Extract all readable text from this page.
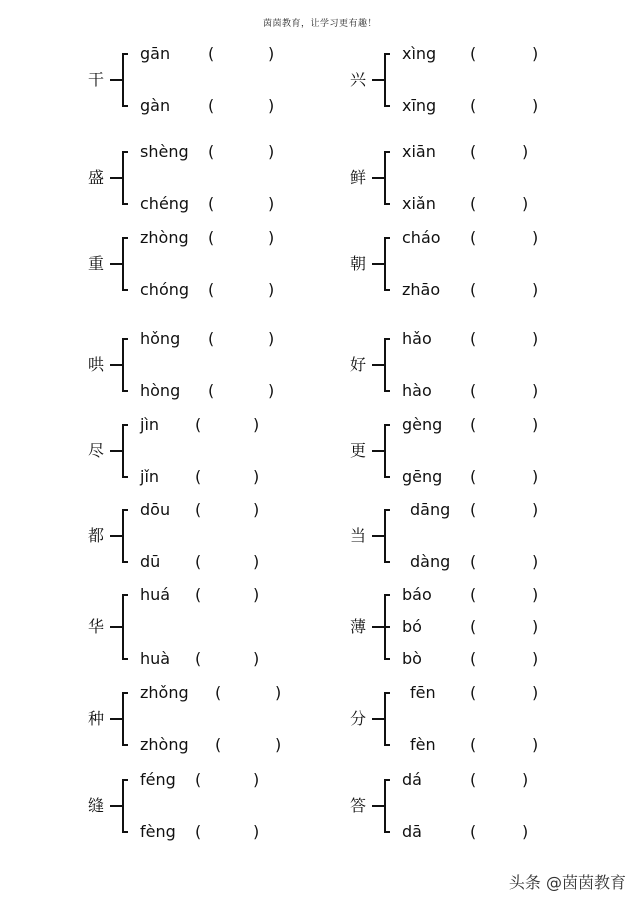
茵茵教育，让学习更有趣！
干
gān (	)
gàn (	)
盛
shèng (	)
chéng (	)
重
zhòng (	)
chóng (	)
哄
hǒng (	)
hòng (	)
尽
jìn (	)
jǐn (	)
都
dōu (	)
dū (	)
华
huá (	)
huà (	)
种
zhǒng (	)
zhòng (	)
缝
féng (	)
fèng (	)
兴
xìng (	)
xīng (	)
鲜
xiān (	)
xiǎn (	)
朝
cháo (	)
zhāo (	)
好
hǎo (	)
hào (	)
更
gèng (	)
gēng (	)
当
dāng (	)
dàng (	)
薄
báo (	)
bó	(	)
bò	(	)
分
fēn (	)
fèn (	)
答
dá	(	)
dā	(	)
头条 @茵茵教育
